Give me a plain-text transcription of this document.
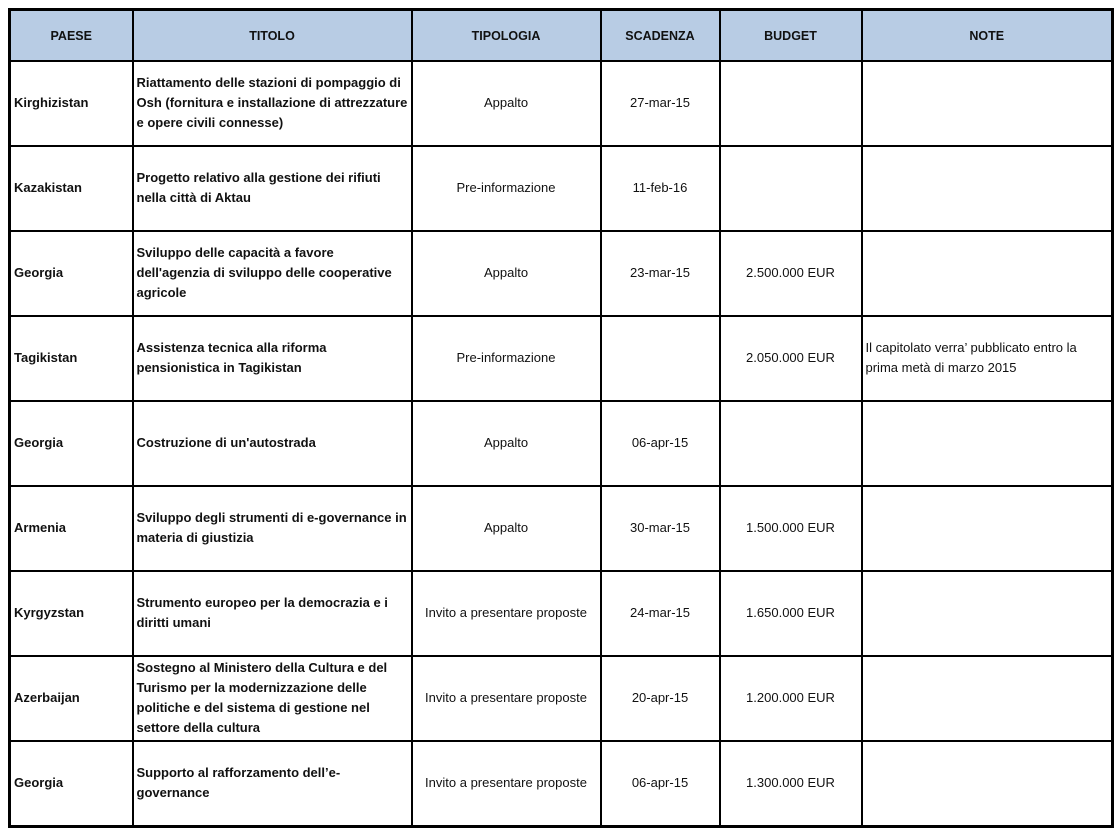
PAESE	TITOLO	TIPOLOGIA	SCADENZA	BUDGET	NOTE
Kirghizistan	Riattamento delle stazioni di pompaggio di Osh (fornitura e installazione di attrezzature e opere civili connesse)	Appalto	27-mar-15		
Kazakistan	Progetto relativo alla gestione dei rifiuti nella città di Aktau	Pre-informazione	11-feb-16		
Georgia	Sviluppo delle capacità a favore dell'agenzia di sviluppo delle cooperative agricole	Appalto	23-mar-15	2.500.000 EUR	
Tagikistan	Assistenza tecnica alla riforma pensionistica in Tagikistan	Pre-informazione		2.050.000 EUR	Il capitolato verra’ pubblicato entro la prima metà di marzo 2015
Georgia	Costruzione di un'autostrada	Appalto	06-apr-15		
Armenia	Sviluppo degli strumenti di e-governance in materia di giustizia	Appalto	30-mar-15	1.500.000 EUR	
Kyrgyzstan	Strumento europeo per la democrazia e i diritti umani	Invito a presentare proposte	24-mar-15	1.650.000 EUR	
Azerbaijan	Sostegno al Ministero della Cultura e del Turismo per la modernizzazione delle politiche e del sistema di gestione nel settore della cultura	Invito a presentare proposte	20-apr-15	1.200.000 EUR	
Georgia	Supporto al rafforzamento dell’e-governance	Invito a presentare proposte	06-apr-15	1.300.000 EUR	
